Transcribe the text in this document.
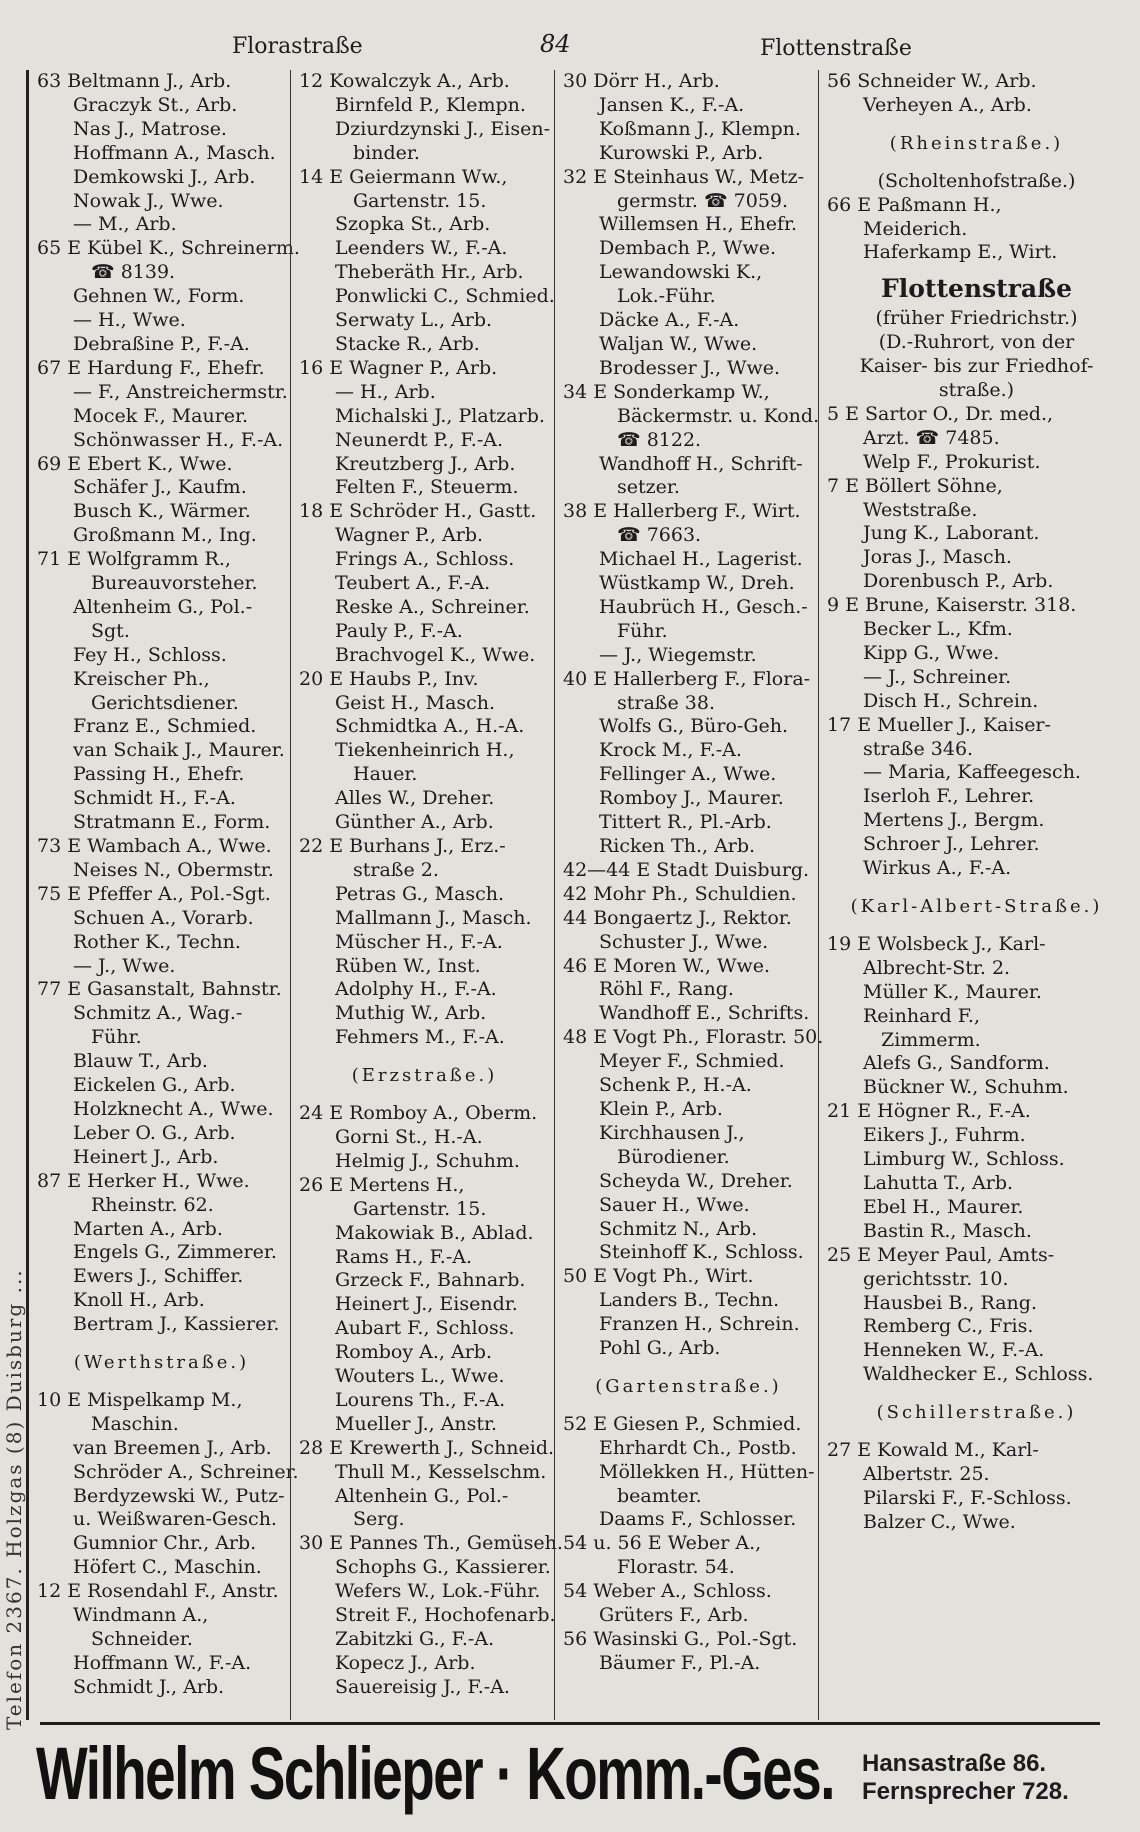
Telefon 2367. Holzgas (8) Duisburg ...
Florastraße	84	Flottenstraße
63 Beltmann J., Arb.
Graczyk St., Arb.
Nas J., Matrose.
Hoffmann A., Masch.
Demkowski J., Arb.
Nowak J., Wwe.
— M., Arb.
65 E Kübel K., Schreinerm.
☎ 8139.
Gehnen W., Form.
— H., Wwe.
Debraßine P., F.-A.
67 E Hardung F., Ehefr.
— F., Anstreichermstr.
Mocek F., Maurer.
Schönwasser H., F.-A.
69 E Ebert K., Wwe.
Schäfer J., Kaufm.
Busch K., Wärmer.
Großmann M., Ing.
71 E Wolfgramm R.,
Bureauvorsteher.
Altenheim G., Pol.-
Sgt.
Fey H., Schloss.
Kreischer Ph.,
Gerichtsdiener.
Franz E., Schmied.
van Schaik J., Maurer.
Passing H., Ehefr.
Schmidt H., F.-A.
Stratmann E., Form.
73 E Wambach A., Wwe.
Neises N., Obermstr.
75 E Pfeffer A., Pol.-Sgt.
Schuen A., Vorarb.
Rother K., Techn.
— J., Wwe.
77 E Gasanstalt, Bahnstr.
Schmitz A., Wag.-
Führ.
Blauw T., Arb.
Eickelen G., Arb.
Holzknecht A., Wwe.
Leber O. G., Arb.
Heinert J., Arb.
87 E Herker H., Wwe.
Rheinstr. 62.
Marten A., Arb.
Engels G., Zimmerer.
Ewers J., Schiffer.
Knoll H., Arb.
Bertram J., Kassierer.
(Werthstraße.)
10 E Mispelkamp M.,
Maschin.
van Breemen J., Arb.
Schröder A., Schreiner.
Berdyzewski W., Putz-
u. Weißwaren-Gesch.
Gumnior Chr., Arb.
Höfert C., Maschin.
12 E Rosendahl F., Anstr.
Windmann A.,
Schneider.
Hoffmann W., F.-A.
Schmidt J., Arb.
12 Kowalczyk A., Arb.
Birnfeld P., Klempn.
Dziurdzynski J., Eisen-
binder.
14 E Geiermann Ww.,
Gartenstr. 15.
Szopka St., Arb.
Leenders W., F.-A.
Theberäth Hr., Arb.
Ponwlicki C., Schmied.
Serwaty L., Arb.
Stacke R., Arb.
16 E Wagner P., Arb.
— H., Arb.
Michalski J., Platzarb.
Neunerdt P., F.-A.
Kreutzberg J., Arb.
Felten F., Steuerm.
18 E Schröder H., Gastt.
Wagner P., Arb.
Frings A., Schloss.
Teubert A., F.-A.
Reske A., Schreiner.
Pauly P., F.-A.
Brachvogel K., Wwe.
20 E Haubs P., Inv.
Geist H., Masch.
Schmidtka A., H.-A.
Tiekenheinrich H.,
Hauer.
Alles W., Dreher.
Günther A., Arb.
22 E Burhans J., Erz.-
straße 2.
Petras G., Masch.
Mallmann J., Masch.
Müscher H., F.-A.
Rüben W., Inst.
Adolphy H., F.-A.
Muthig W., Arb.
Fehmers M., F.-A.
(Erzstraße.)
24 E Romboy A., Oberm.
Gorni St., H.-A.
Helmig J., Schuhm.
26 E Mertens H.,
Gartenstr. 15.
Makowiak B., Ablad.
Rams H., F.-A.
Grzeck F., Bahnarb.
Heinert J., Eisendr.
Aubart F., Schloss.
Romboy A., Arb.
Wouters L., Wwe.
Lourens Th., F.-A.
Mueller J., Anstr.
28 E Krewerth J., Schneid.
Thull M., Kesselschm.
Altenhein G., Pol.-
Serg.
30 E Pannes Th., Gemüseh.
Schophs G., Kassierer.
Wefers W., Lok.-Führ.
Streit F., Hochofenarb.
Zabitzki G., F.-A.
Kopecz J., Arb.
Sauereisig J., F.-A.
30 Dörr H., Arb.
Jansen K., F.-A.
Koßmann J., Klempn.
Kurowski P., Arb.
32 E Steinhaus W., Metz-
germstr. ☎ 7059.
Willemsen H., Ehefr.
Dembach P., Wwe.
Lewandowski K.,
Lok.-Führ.
Däcke A., F.-A.
Waljan W., Wwe.
Brodesser J., Wwe.
34 E Sonderkamp W.,
Bäckermstr. u. Kond.
☎ 8122.
Wandhoff H., Schrift-
setzer.
38 E Hallerberg F., Wirt.
☎ 7663.
Michael H., Lagerist.
Wüstkamp W., Dreh.
Haubrüch H., Gesch.-
Führ.
— J., Wiegemstr.
40 E Hallerberg F., Flora-
straße 38.
Wolfs G., Büro-Geh.
Krock M., F.-A.
Fellinger A., Wwe.
Romboy J., Maurer.
Tittert R., Pl.-Arb.
Ricken Th., Arb.
42—44 E Stadt Duisburg.
42 Mohr Ph., Schuldien.
44 Bongaertz J., Rektor.
Schuster J., Wwe.
46 E Moren W., Wwe.
Röhl F., Rang.
Wandhoff E., Schrifts.
48 E Vogt Ph., Florastr. 50.
Meyer F., Schmied.
Schenk P., H.-A.
Klein P., Arb.
Kirchhausen J.,
Bürodiener.
Scheyda W., Dreher.
Sauer H., Wwe.
Schmitz N., Arb.
Steinhoff K., Schloss.
50 E Vogt Ph., Wirt.
Landers B., Techn.
Franzen H., Schrein.
Pohl G., Arb.
(Gartenstraße.)
52 E Giesen P., Schmied.
Ehrhardt Ch., Postb.
Möllekken H., Hütten-
beamter.
Daams F., Schlosser.
54 u. 56 E Weber A.,
Florastr. 54.
54 Weber A., Schloss.
Grüters F., Arb.
56 Wasinski G., Pol.-Sgt.
Bäumer F., Pl.-A.
56 Schneider W., Arb.
Verheyen A., Arb.
(Rheinstraße.)
(Scholtenhofstraße.)
66 E Paßmann H.,
Meiderich.
Haferkamp E., Wirt.
Flottenstraße
(früher Friedrichstr.)
(D.-Ruhrort, von der
Kaiser- bis zur Friedhof-
straße.)
5 E Sartor O., Dr. med.,
Arzt. ☎ 7485.
Welp F., Prokurist.
7 E Böllert Söhne,
Weststraße.
Jung K., Laborant.
Joras J., Masch.
Dorenbusch P., Arb.
9 E Brune, Kaiserstr. 318.
Becker L., Kfm.
Kipp G., Wwe.
— J., Schreiner.
Disch H., Schrein.
17 E Mueller J., Kaiser-
straße 346.
— Maria, Kaffeegesch.
Iserloh F., Lehrer.
Mertens J., Bergm.
Schroer J., Lehrer.
Wirkus A., F.-A.
(Karl-Albert-Straße.)
19 E Wolsbeck J., Karl-
Albrecht-Str. 2.
Müller K., Maurer.
Reinhard F.,
Zimmerm.
Alefs G., Sandform.
Bückner W., Schuhm.
21 E Högner R., F.-A.
Eikers J., Fuhrm.
Limburg W., Schloss.
Lahutta T., Arb.
Ebel H., Maurer.
Bastin R., Masch.
25 E Meyer Paul, Amts-
gerichtsstr. 10.
Hausbei B., Rang.
Remberg C., Fris.
Henneken W., F.-A.
Waldhecker E., Schloss.
(Schillerstraße.)
27 E Kowald M., Karl-
Albertstr. 25.
Pilarski F., F.-Schloss.
Balzer C., Wwe.
Wilhelm Schlieper · Komm.-Ges. Hansastraße 86.
Fernsprecher 728.
